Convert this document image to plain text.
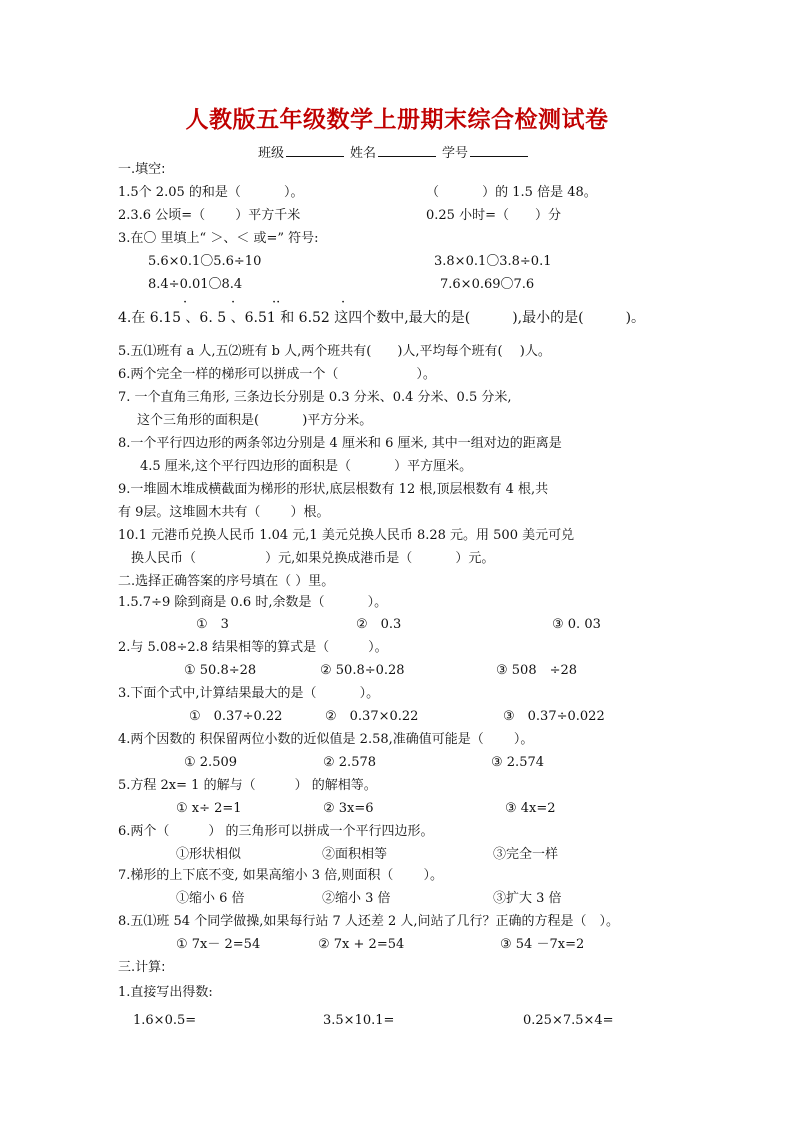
人教版五年级数学上册期末综合检测试卷
班级	姓名	学号
一.填空:
1.5个 2.05 的和是（　　　 ）。	（　　　 ）的 1.5 倍是 48。
2.3.6 公顷=（　　 ）平方千米	0.25 小时=（　　）分
3.在〇 里填上“ ＞、＜ 或=” 符号:
5.6×0.1〇5.6÷10	3.8×0.1〇3.8÷0.1
8.4÷0.01〇8.4	7.6×0.69〇7.6
·	·	··	·
4.在 6.15 、6. 5 、6.51 和 6.52 这四个数中,最大的是(　　　),最小的是(　　　)。
5.五⑴班有 a 人,五⑵班有 b 人,两个班共有(　　)人,平均每个班有(　 )人。
6.两个完全一样的梯形可以拼成一个（　　　　　　）。
7. 一个直角三角形, 三条边长分别是 0.3 分米、0.4 分米、0.5 分米,
这个三角形的面积是(　　　 )平方分米。
8.一个平行四边形的两条邻边分别是 4 厘米和 6 厘米, 其中一组对边的距离是
4.5 厘米,这个平行四边形的面积是（　　　 ）平方厘米。
9.一堆圆木堆成横截面为梯形的形状,底层根数有 12 根,顶层根数有 4 根,共
有 9层。这堆圆木共有（　　 ）根。
10.1 元港币兑换人民币 1.04 元,1 美元兑换人民币 8.28 元。用 500 美元可兑
换人民币（　　　　　 ）元,如果兑换成港币是（　　　 ）元。
二.选择正确答案的序号填在（ ）里。
1.5.7÷9 除到商是 0.6 时,余数是（　　　 ）。
①　3	②　0.3	③ 0. 03
2.与 5.08÷2.8 结果相等的算式是（　　　）。
① 50.8÷28	② 50.8÷0.28	③ 508　÷28
3.下面个式中,计算结果最大的是（　　　 ）。
①　0.37÷0.22	②　0.37×0.22	③　0.37÷0.022
4.两个因数的 积保留两位小数的近似值是 2.58,准确值可能是（　　 ）。
① 2.509	② 2.578	③ 2.574
5.方程 2x= 1 的解与（　　　） 的解相等。
① x÷ 2=1	② 3x=6	③ 4x=2
6.两个（　　　） 的三角形可以拼成一个平行四边形。
①形状相似	②面积相等	③完全一样
7.梯形的上下底不变, 如果高缩小 3 倍,则面积（　　 ）。
①缩小 6 倍	②缩小 3 倍	③扩大 3 倍
8.五⑴班 54 个同学做操,如果每行站 7 人还差 2 人,问站了几行？正确的方程是（　）。
① 7x－ 2=54	② 7x + 2=54	③ 54 －7x=2
三.计算:
1.直接写出得数:
1.6×0.5=	3.5×10.1=	0.25×7.5×4=
